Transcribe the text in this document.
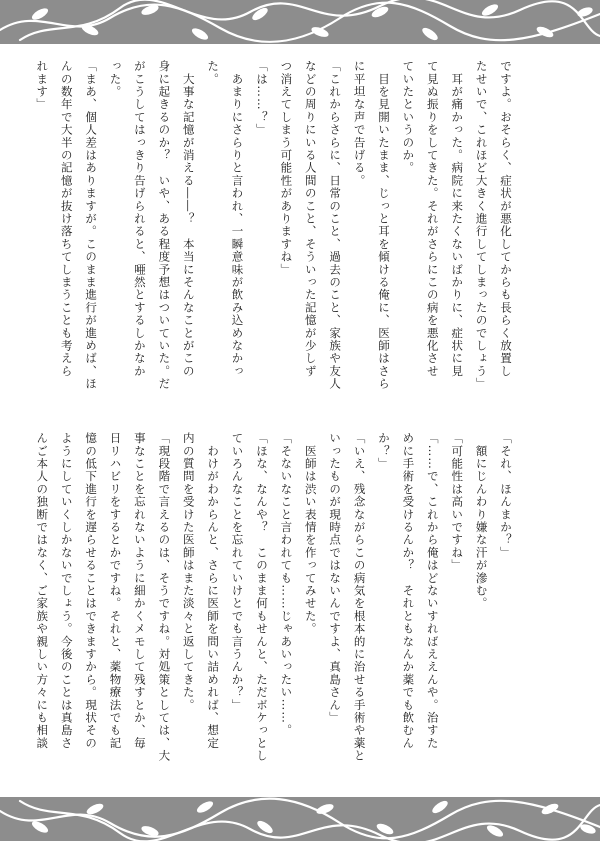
ですよ。おそらく、症状が悪化してからも長らく放置し
たせいで、これほど大きく進行してしまったのでしょう」
　耳が痛かった。病院に来たくないばかりに、症状に見
て見ぬ振りをしてきた。それがさらにこの病を悪化させ
ていたというのか。
　目を見開いたまま、じっと耳を傾ける俺に、医師はさら
に平坦な声で告げる。
「これからさらに、日常のこと、過去のこと、家族や友人
などの周りにいる人間のこと、そういった記憶が少しず
つ消えてしまう可能性がありますね」
「は……？」
　あまりにさらりと言われ、一瞬意味が飲み込めなかっ
た。
　大事な記憶が消える――？　本当にそんなことがこの
身に起きるのか？　いや、ある程度予想はついていた。だ
がこうしてはっきり告げられると、唖然とするしかなか
った。
「まあ、個人差はありますが。このまま進行が進めば、ほ
んの数年で大半の記憶が抜け落ちてしまうことも考えら
れます」

「それ、ほんまか？」
　額にじんわり嫌な汗が滲む。
「可能性は高いですね」
「……で、これから俺はどないすればええんや。治すた
めに手術を受けるんか？　それともなんか薬でも飲むん
か？」
「いえ、残念ながらこの病気を根本的に治せる手術や薬と
いったものが現時点ではないんですよ、真島さん」
　医師は渋い表情を作ってみせた。
「そないなこと言われても……じゃあいったい……。
「ほな、なんや？　このまま何もせんと、ただボケっとし
ていろんなことを忘れていけとでも言うんか？」
　わけがわからんと、さらに医師を問い詰めれば、想定
内の質問を受けた医師はまた淡々と返してきた。
「現段階で言えるのは、そうですね。対処策としては、大
事なことを忘れないように細かくメモして残すとか、毎
日リハビリをするとかですね。それと、薬物療法でも記
憶の低下進行を遅らせることはできますから。現状その
ようにしていくしかないでしょう。今後のことは真島さ
んご本人の独断ではなく、ご家族や親しい方々にも相談
